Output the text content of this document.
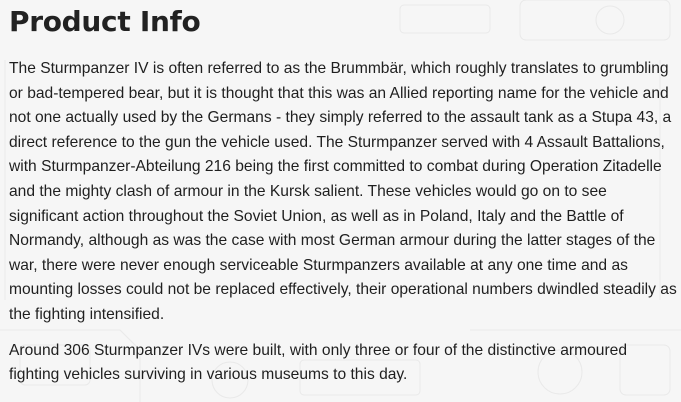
Product Info

The Sturmpanzer IV is often referred to as the Brummbär, which roughly translates to grumbling or bad-tempered bear, but it is thought that this was an Allied reporting name for the vehicle and not one actually used by the Germans - they simply referred to the assault tank as a Stupa 43, a direct reference to the gun the vehicle used. The Sturmpanzer served with 4 Assault Battalions, with Sturmpanzer-Abteilung 216 being the first committed to combat during Operation Zitadelle and the mighty clash of armour in the Kursk salient. These vehicles would go on to see significant action throughout the Soviet Union, as well as in Poland, Italy and the Battle of Normandy, although as was the case with most German armour during the latter stages of the war, there were never enough serviceable Sturmpanzers available at any one time and as mounting losses could not be replaced effectively, their operational numbers dwindled steadily as the fighting intensified.

Around 306 Sturmpanzer IVs were built, with only three or four of the distinctive armoured fighting vehicles surviving in various museums to this day.
